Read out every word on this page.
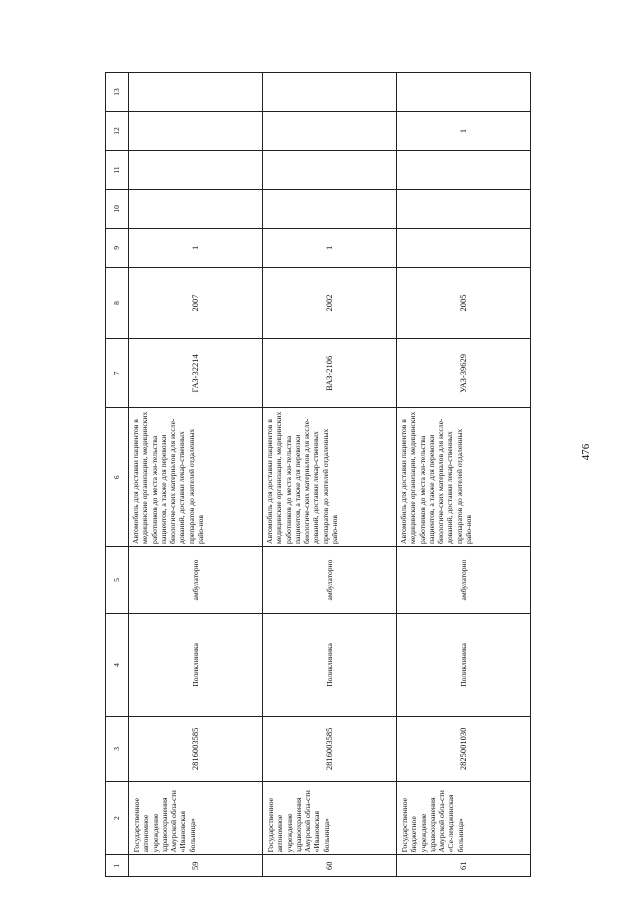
476
1	2	3	4	5	6	7	8	9	10	11	12	13
59	Государственное автономное учреждение здравоохранения Амурской обла-сти «Ивановская больница»	2816003585	Поликлиника	амбулаторно	Автомобиль для доставки пациентов в медицинские организации, медицинских работников до места жи-тельства пациентов, а также для перевозки биологиче-ских материалов для иссле-дований, доставки лекар-ственных препаратов до жителей отдаленных райо-нов	ГАЗ-32214	2007	1				
60	Государственное автономное учреждение здравоохранения Амурской обла-сти «Ивановская больница»	2816003585	Поликлиника	амбулаторно	Автомобиль для доставки пациентов в медицинские организации, медицинских работников до места жи-тельства пациентов, а также для перевозки биологиче-ских материалов для иссле-дований, доставки лекар-ственных препаратов до жителей отдаленных райо-нов	ВАЗ-2106	2002	1				
61	Государственное бюджетное учреждение здравоохранения Амурской обла-сти «Се-лемджинская больница»	2825001030	Поликлиника	амбулаторно	Автомобиль для доставки пациентов в медицинские организации, медицинских работников до места жи-тельства пациентов, а также для перевозки биологиче-ских материалов для иссле-дований, доставки лекар-ственных препаратов до жителей отдаленных райо-нов	УАЗ-39629	2005				1	
